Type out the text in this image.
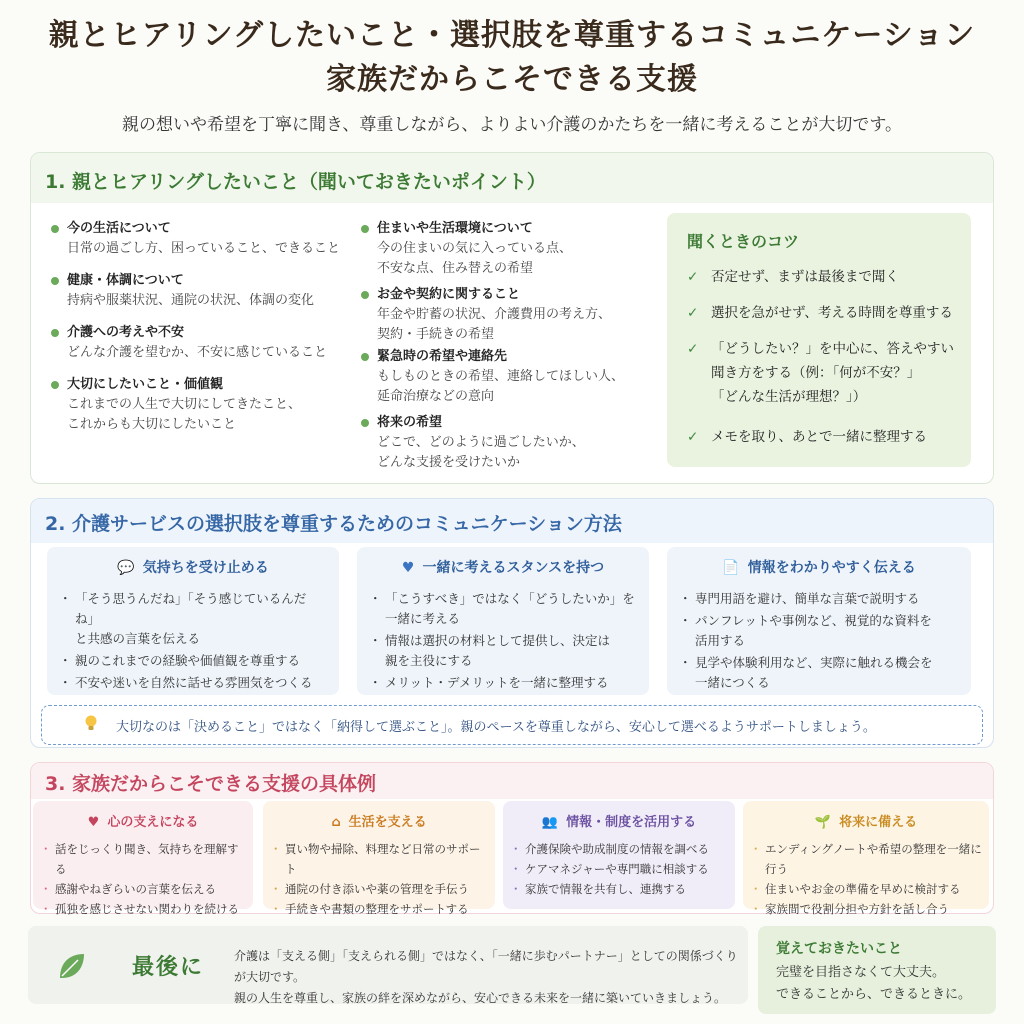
親とヒアリングしたいこと・選択肢を尊重するコミュニケーション
家族だからこそできる支援
親の想いや希望を丁寧に聞き、尊重しながら、よりよい介護のかたちを一緒に考えることが大切です。
1. 親とヒアリングしたいこと（聞いておきたいポイント）
今の生活について
日常の過ごし方、困っていること、できること
健康・体調について
持病や服薬状況、通院の状況、体調の変化
介護への考えや不安
どんな介護を望むか、不安に感じていること
大切にしたいこと・価値観
これまでの人生で大切にしてきたこと、
これからも大切にしたいこと
住まいや生活環境について
今の住まいの気に入っている点、
不安な点、住み替えの希望
お金や契約に関すること
年金や貯蓄の状況、介護費用の考え方、
契約・手続きの希望
緊急時の希望や連絡先
もしものときの希望、連絡してほしい人、
延命治療などの意向
将来の希望
どこで、どのように過ごしたいか、
どんな支援を受けたいか
聞くときのコツ
✓ 否定せず、まずは最後まで聞く
✓ 選択を急がせず、考える時間を尊重する
✓ 「どうしたい？」を中心に、答えやすい
聞き方をする（例：「何が不安？」
「どんな生活が理想？」）
✓ メモを取り、あとで一緒に整理する
2. 介護サービスの選択肢を尊重するためのコミュニケーション方法
💬 気持ちを受け止める
・ 「そう思うんだね」「そう感じているんだね」
と共感の言葉を伝える
・ 親のこれまでの経験や価値観を尊重する
・ 不安や迷いを自然に話せる雰囲気をつくる
♥ 一緒に考えるスタンスを持つ
・ 「こうすべき」ではなく「どうしたいか」を
一緒に考える
・ 情報は選択の材料として提供し、決定は
親を主役にする
・ メリット・デメリットを一緒に整理する
📄 情報をわかりやすく伝える
・ 専門用語を避け、簡単な言葉で説明する
・ パンフレットや事例など、視覚的な資料を
活用する
・ 見学や体験利用など、実際に触れる機会を
一緒につくる
大切なのは「決めること」ではなく「納得して選ぶこと」。親のペースを尊重しながら、安心して選べるようサポートしましょう。
3. 家族だからこそできる支援の具体例
♥ 心の支えになる
・ 話をじっくり聞き、気持ちを理解する
・ 感謝やねぎらいの言葉を伝える
・ 孤独を感じさせない関わりを続ける
⌂ 生活を支える
・ 買い物や掃除、料理など日常のサポート
・ 通院の付き添いや薬の管理を手伝う
・ 手続きや書類の整理をサポートする
👥 情報・制度を活用する
・ 介護保険や助成制度の情報を調べる
・ ケアマネジャーや専門職に相談する
・ 家族で情報を共有し、連携する
🌱 将来に備える
・ エンディングノートや希望の整理を一緒に行う
・ 住まいやお金の準備を早めに検討する
・ 家族間で役割分担や方針を話し合う
最後に 介護は「支える側」「支えられる側」ではなく、「一緒に歩むパートナー」としての関係づくりが大切です。
親の人生を尊重し、家族の絆を深めながら、安心できる未来を一緒に築いていきましょう。
覚えておきたいこと
完璧を目指さなくて大丈夫。
できることから、できるときに。
